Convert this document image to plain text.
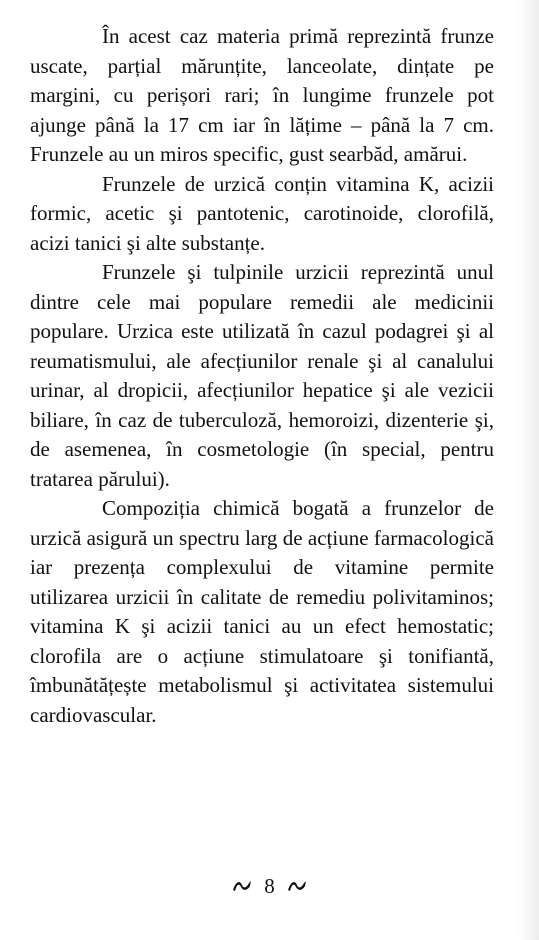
În acest caz materia primă reprezintă frunze uscate, parțial mărunțite, lanceolate, dințate pe margini, cu perișori rari; în lungime frunzele pot ajunge până la 17 cm iar în lățime – până la 7 cm. Frunzele au un miros specific, gust searbăd, amărui.

Frunzele de urzică conțin vitamina K, acizii formic, acetic şi pantotenic, carotinoide, clorofilă, acizi tanici şi alte substanțe.

Frunzele şi tulpinile urzicii reprezintă unul dintre cele mai populare remedii ale medicinii populare. Urzica este utilizată în cazul podagrei şi al reumatismului, ale afecțiunilor renale şi al canalului urinar, al dropicii, afecțiunilor hepatice şi ale vezicii biliare, în caz de tuberculoză, hemoroizi, dizenterie şi, de asemenea, în cosmetologie (în special, pentru tratarea părului).

Compoziția chimică bogată a frunzelor de urzică asigură un spectru larg de acțiune farmacologică iar prezența complexului de vitamine permite utilizarea urzicii în calitate de remediu polivitaminos; vitamina K şi acizii tanici au un efect hemostatic; clorofila are o acțiune stimulatoare şi tonifiantă, îmbunătățește metabolismul şi activitatea sistemului cardiovascular.

8
